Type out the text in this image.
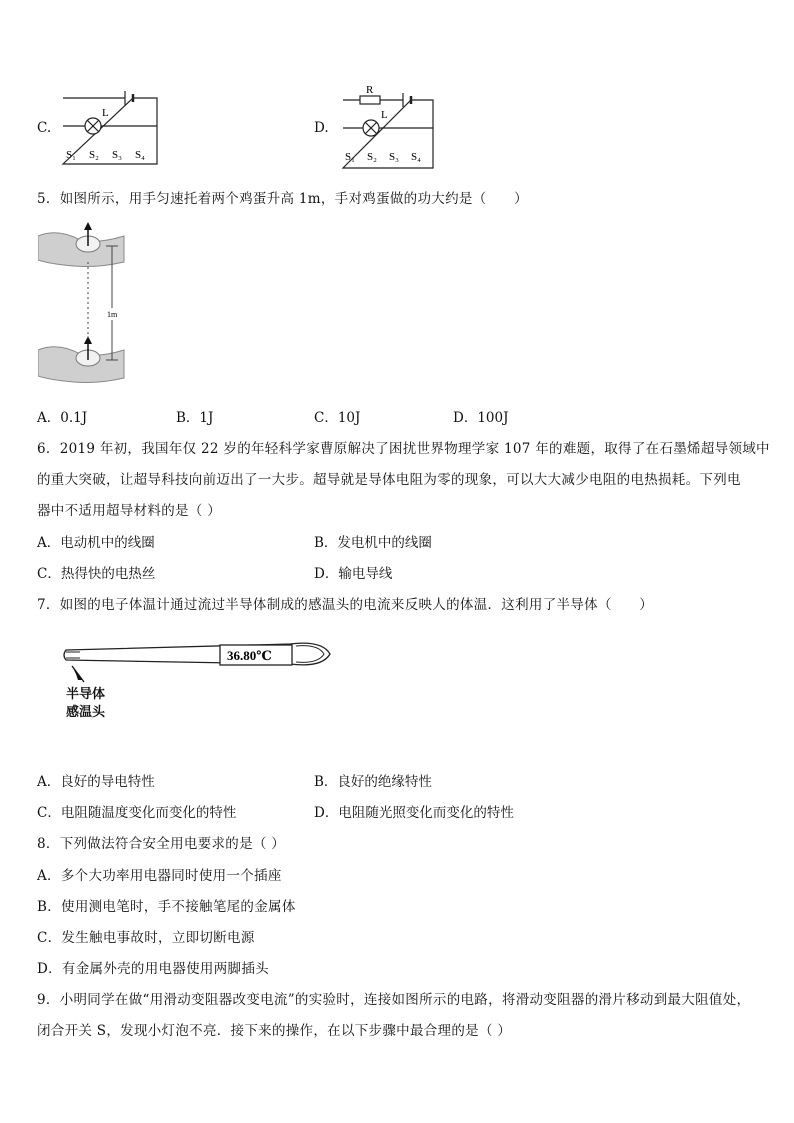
C.
L
S₁ S₂ S₃ S₄
D.
R
L
S₁ S₂ S₃ S₄
5．如图所示，用手匀速托着两个鸡蛋升高 1m，手对鸡蛋做的功大约是（　　）
1m
A．0.1J	B．1J	C．10J	D．100J
6．2019 年初，我国年仅 22 岁的年轻科学家曹原解决了困扰世界物理学家 107 年的难题，取得了在石墨烯超导领域中
的重大突破，让超导科技向前迈出了一大步。超导就是导体电阻为零的现象，可以大大减少电阻的电热损耗。下列电
器中不适用超导材料的是（ ）
A．电动机中的线圈	B．发电机中的线圈
C．热得快的电热丝	D．输电导线
7．如图的电子体温计通过流过半导体制成的感温头的电流来反映人的体温．这利用了半导体（　　）
36.80℃
半导体
感温头
A．良好的导电特性	B．良好的绝缘特性
C．电阻随温度变化而变化的特性	D．电阻随光照变化而变化的特性
8．下列做法符合安全用电要求的是（ ）
A．多个大功率用电器同时使用一个插座
B．使用测电笔时，手不接触笔尾的金属体
C．发生触电事故时，立即切断电源
D．有金属外壳的用电器使用两脚插头
9．小明同学在做“用滑动变阻器改变电流”的实验时，连接如图所示的电路，将滑动变阻器的滑片移动到最大阻值处，
闭合开关 S，发现小灯泡不亮．接下来的操作，在以下步骤中最合理的是（ ）
